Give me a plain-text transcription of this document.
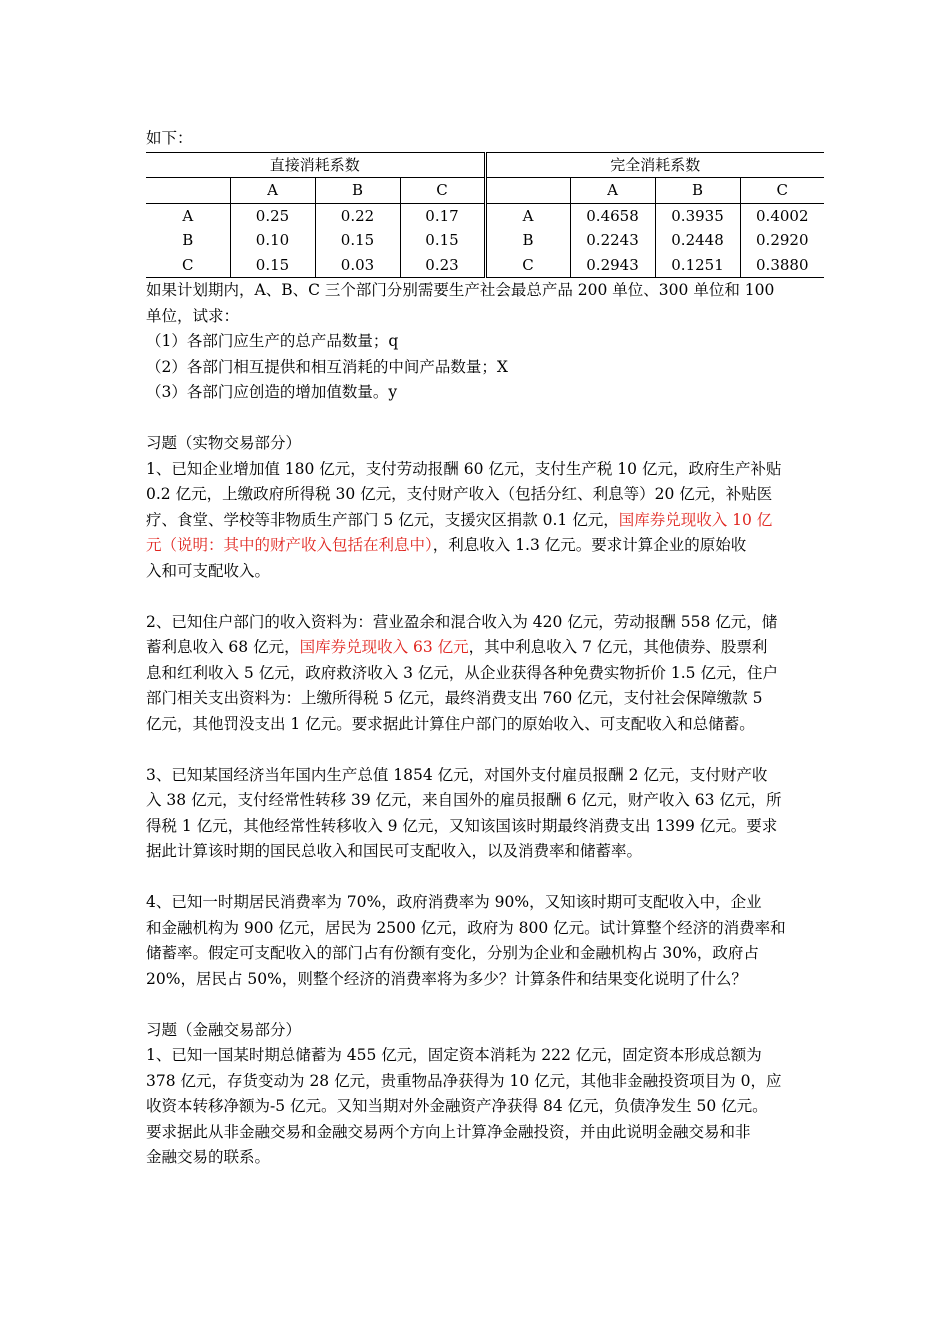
如下：
直接消耗系数				完全消耗系数			
	A	B	C		A	B	C
A	0.25	0.22	0.17	A	0.4658	0.3935	0.4002
B	0.10	0.15	0.15	B	0.2243	0.2448	0.2920
C	0.15	0.03	0.23	C	0.2943	0.1251	0.3880
如果计划期内，A、B、C 三个部门分别需要生产社会最总产品 200 单位、300 单位和 100
单位，试求：
（1）各部门应生产的总产品数量；q
（2）各部门相互提供和相互消耗的中间产品数量；X
（3）各部门应创造的增加值数量。y
习题（实物交易部分）
1、已知企业增加值 180 亿元，支付劳动报酬 60 亿元，支付生产税 10 亿元，政府生产补贴
0.2 亿元，上缴政府所得税 30 亿元，支付财产收入（包括分红、利息等）20 亿元，补贴医
疗、食堂、学校等非物质生产部门 5 亿元，支援灾区捐款 0.1 亿元，国库券兑现收入 10 亿
元（说明：其中的财产收入包括在利息中），利息收入 1.3 亿元。要求计算企业的原始收
入和可支配收入。
2、已知住户部门的收入资料为：营业盈余和混合收入为 420 亿元，劳动报酬 558 亿元，储
蓄利息收入 68 亿元，国库券兑现收入 63 亿元，其中利息收入 7 亿元，其他债券、股票利
息和红利收入 5 亿元，政府救济收入 3 亿元，从企业获得各种免费实物折价 1.5 亿元，住户
部门相关支出资料为：上缴所得税 5 亿元，最终消费支出 760 亿元，支付社会保障缴款 5
亿元，其他罚没支出 1 亿元。要求据此计算住户部门的原始收入、可支配收入和总储蓄。
3、已知某国经济当年国内生产总值 1854 亿元，对国外支付雇员报酬 2 亿元，支付财产收
入 38 亿元，支付经常性转移 39 亿元，来自国外的雇员报酬 6 亿元，财产收入 63 亿元，所
得税 1 亿元，其他经常性转移收入 9 亿元，又知该国该时期最终消费支出 1399 亿元。要求
据此计算该时期的国民总收入和国民可支配收入，以及消费率和储蓄率。
4、已知一时期居民消费率为 70%，政府消费率为 90%，又知该时期可支配收入中，企业
和金融机构为 900 亿元，居民为 2500 亿元，政府为 800 亿元。试计算整个经济的消费率和
储蓄率。假定可支配收入的部门占有份额有变化，分别为企业和金融机构占 30%，政府占
20%，居民占 50%，则整个经济的消费率将为多少？计算条件和结果变化说明了什么？
习题（金融交易部分）
1、已知一国某时期总储蓄为 455 亿元，固定资本消耗为 222 亿元，固定资本形成总额为
378 亿元，存货变动为 28 亿元，贵重物品净获得为 10 亿元，其他非金融投资项目为 0，应
收资本转移净额为-5 亿元。又知当期对外金融资产净获得 84 亿元，负债净发生 50 亿元。
要求据此从非金融交易和金融交易两个方向上计算净金融投资，并由此说明金融交易和非
金融交易的联系。
